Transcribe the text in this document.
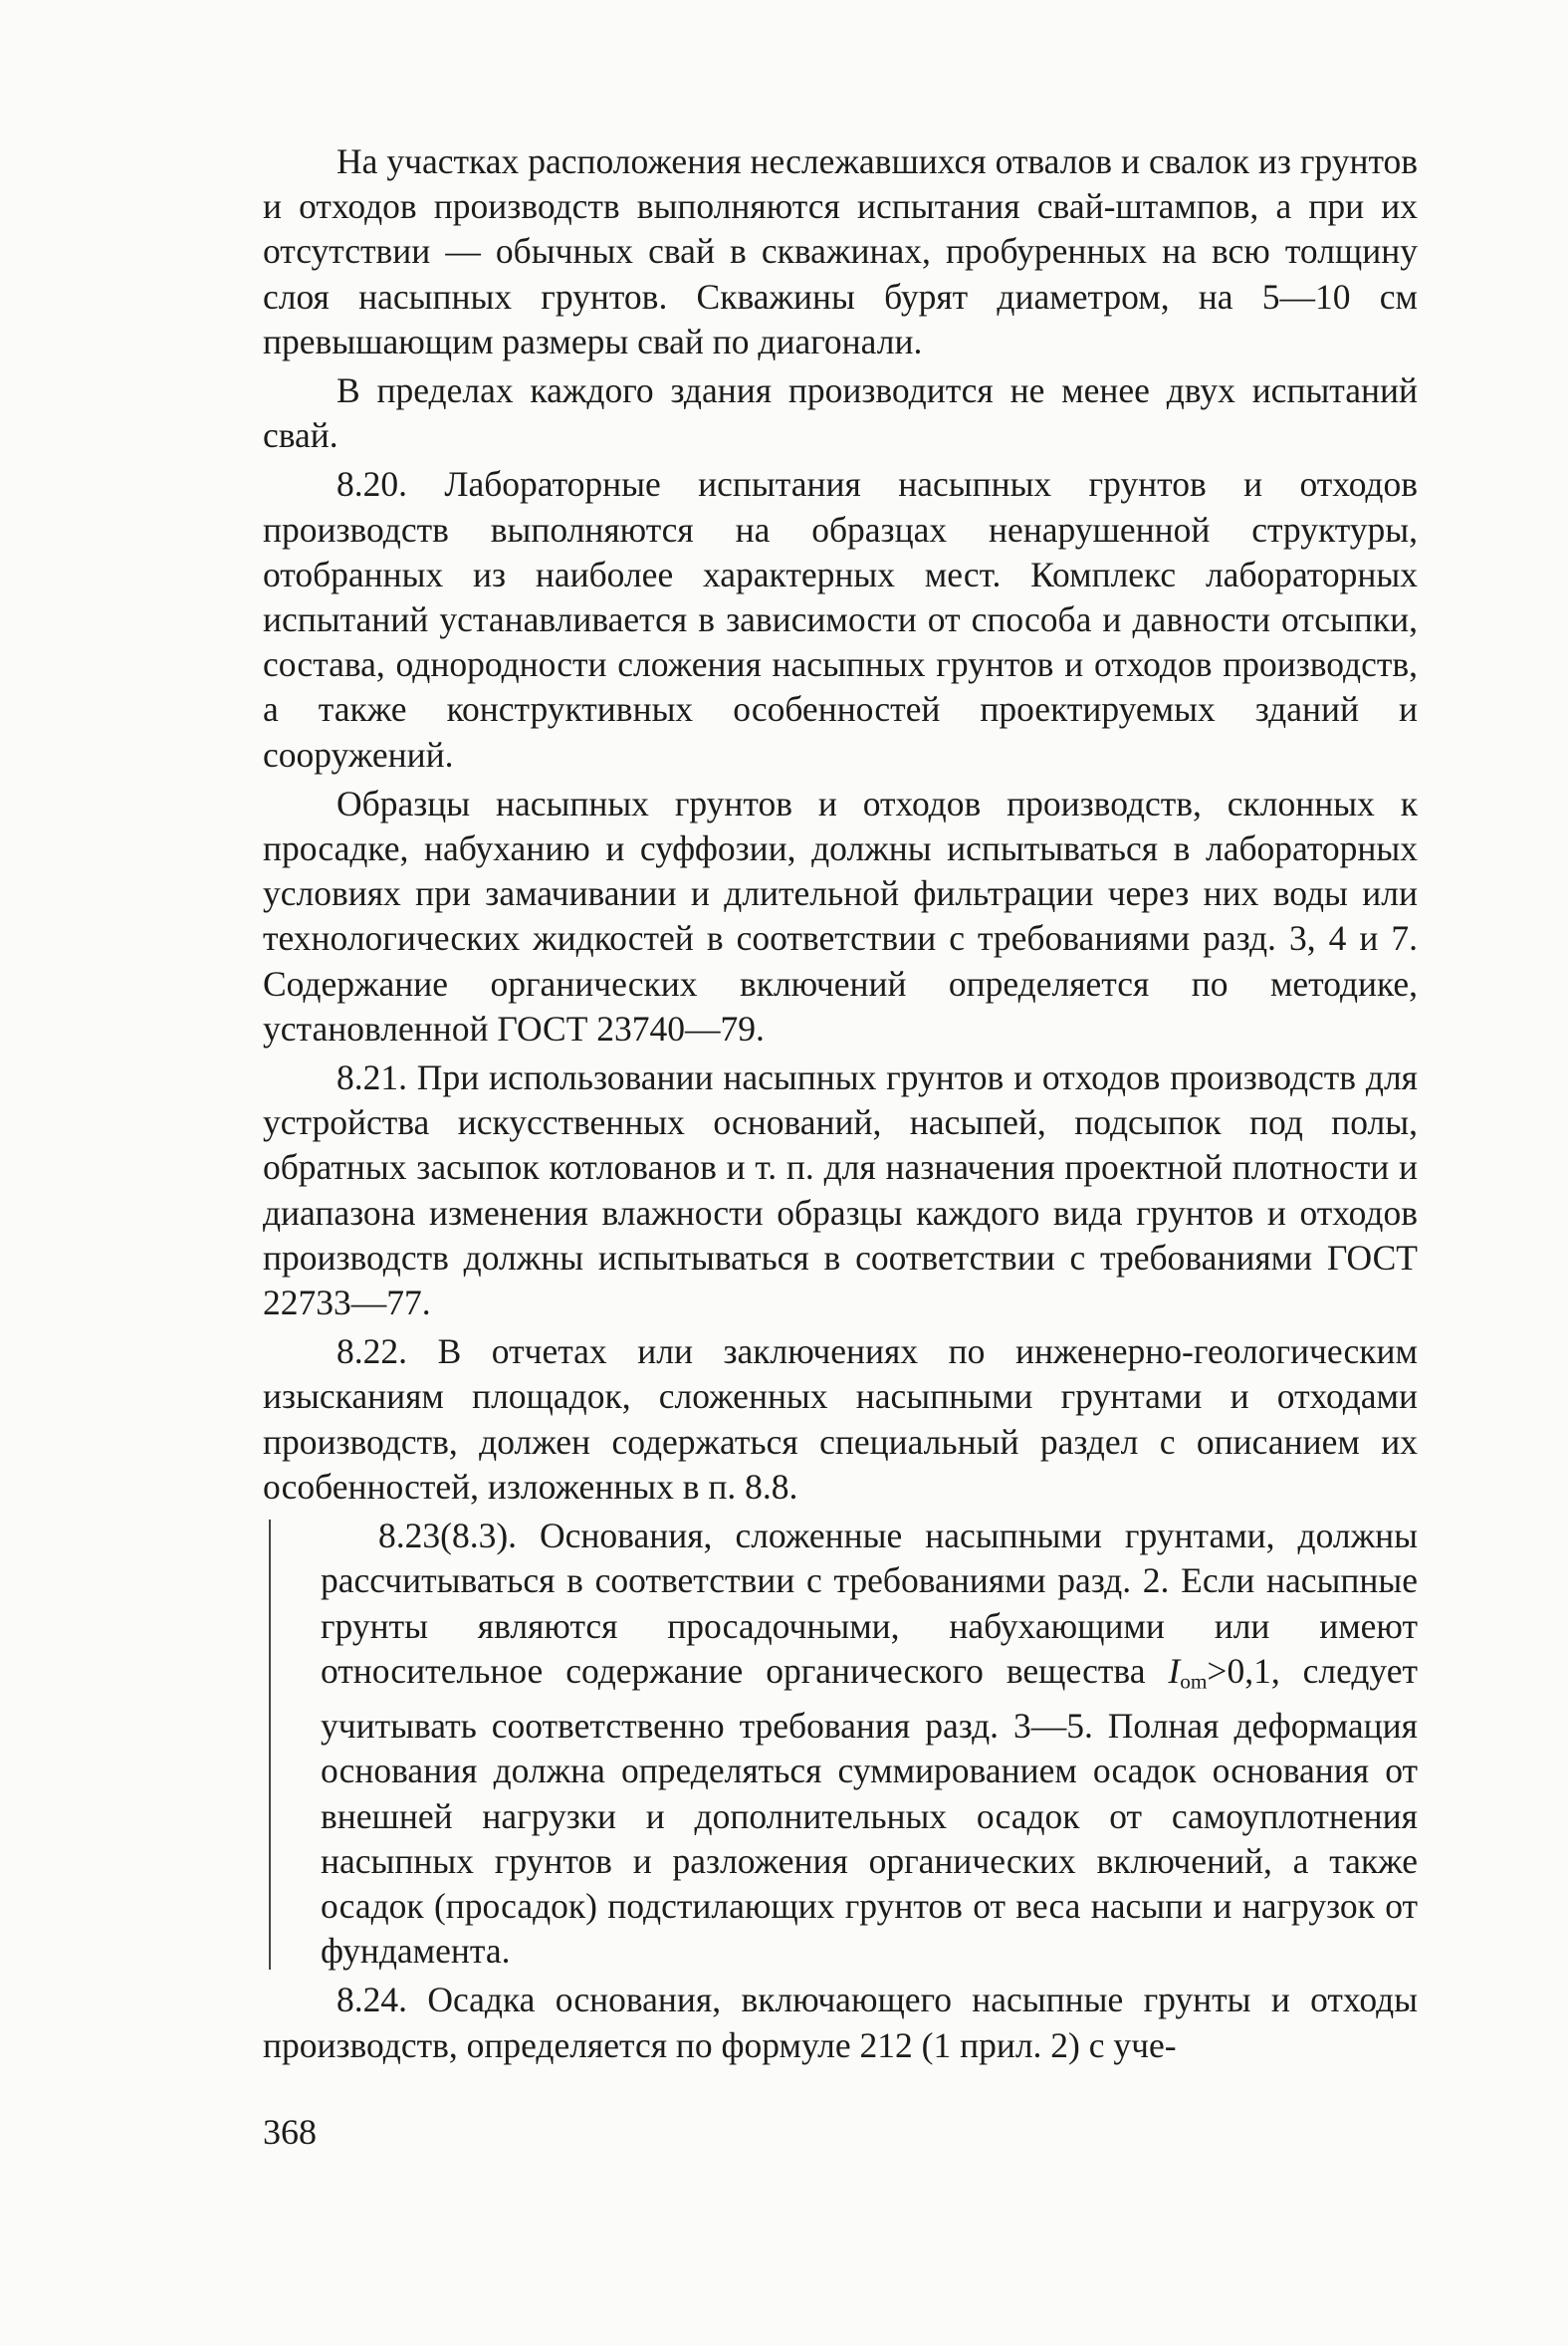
На участках расположения неслежавшихся отвалов и свалок из грунтов и отходов производств выполняются испытания свай-штампов, а при их отсутствии — обычных свай в скважинах, пробуренных на всю толщину слоя насыпных грунтов. Скважины бурят диаметром, на 5—10 см превышающим размеры свай по диагонали.

В пределах каждого здания производится не менее двух испытаний свай.

8.20. Лабораторные испытания насыпных грунтов и отходов производств выполняются на образцах ненарушенной структуры, отобранных из наиболее характерных мест. Комплекс лабораторных испытаний устанавливается в зависимости от способа и давности отсыпки, состава, однородности сложения насыпных грунтов и отходов производств, а также конструктивных особенностей проектируемых зданий и сооружений.

Образцы насыпных грунтов и отходов производств, склонных к просадке, набуханию и суффозии, должны испытываться в лабораторных условиях при замачивании и длительной фильтрации через них воды или технологических жидкостей в соответствии с требованиями разд. 3, 4 и 7. Содержание органических включений определяется по методике, установленной ГОСТ 23740—79.

8.21. При использовании насыпных грунтов и отходов производств для устройства искусственных оснований, насыпей, подсыпок под полы, обратных засыпок котлованов и т. п. для назначения проектной плотности и диапазона изменения влажности образцы каждого вида грунтов и отходов производств должны испытываться в соответствии с требованиями ГОСТ 22733—77.

8.22. В отчетах или заключениях по инженерно-геологическим изысканиям площадок, сложенных насыпными грунтами и отходами производств, должен содержаться специальный раздел с описанием их особенностей, изложенных в п. 8.8.

8.23(8.3). Основания, сложенные насыпными грунтами, должны рассчитываться в соответствии с требованиями разд. 2. Если насыпные грунты являются просадочными, набухающими или имеют относительное содержание органического вещества $I_{om}>0,1$, следует учитывать соответственно требования разд. 3—5. Полная деформация основания должна определяться суммированием осадок основания от внешней нагрузки и дополнительных осадок от самоуплотнения насыпных грунтов и разложения органических включений, а также осадок (просадок) подстилающих грунтов от веса насыпи и нагрузок от фундамента.

8.24. Осадка основания, включающего насыпные грунты и отходы производств, определяется по формуле 212 (1 прил. 2) с уче-

368
